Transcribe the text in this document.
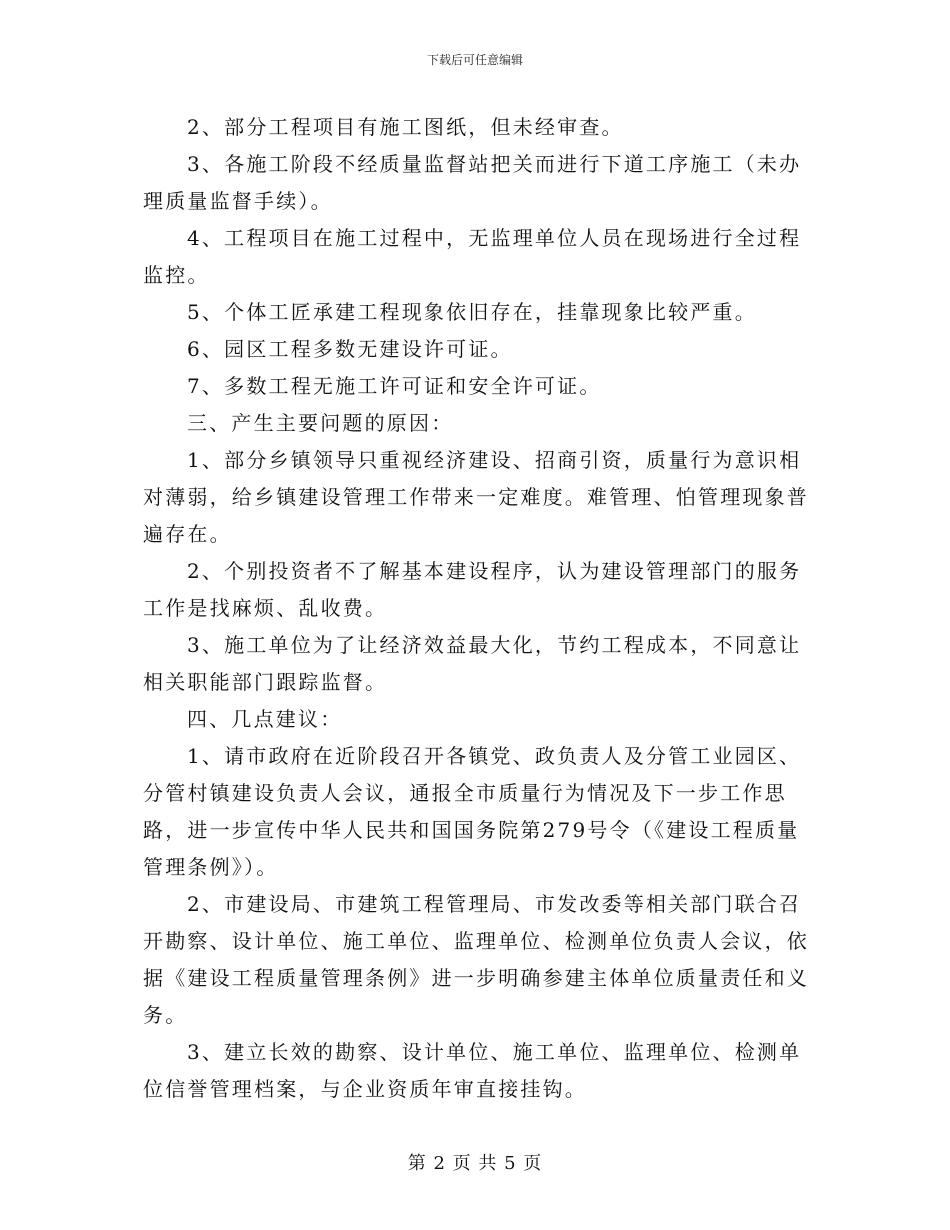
下载后可任意编辑

2、部分工程项目有施工图纸，但未经审查。

3、各施工阶段不经质量监督站把关而进行下道工序施工（未办理质量监督手续）。

4、工程项目在施工过程中，无监理单位人员在现场进行全过程监控。

5、个体工匠承建工程现象依旧存在，挂靠现象比较严重。

6、园区工程多数无建设许可证。

7、多数工程无施工许可证和安全许可证。

三、产生主要问题的原因：

1、部分乡镇领导只重视经济建设、招商引资，质量行为意识相对薄弱，给乡镇建设管理工作带来一定难度。难管理、怕管理现象普遍存在。

2、个别投资者不了解基本建设程序，认为建设管理部门的服务工作是找麻烦、乱收费。

3、施工单位为了让经济效益最大化，节约工程成本，不同意让相关职能部门跟踪监督。

四、几点建议：

1、请市政府在近阶段召开各镇党、政负责人及分管工业园区、分管村镇建设负责人会议，通报全市质量行为情况及下一步工作思路，进一步宣传中华人民共和国国务院第279号令（《建设工程质量管理条例》）。

2、市建设局、市建筑工程管理局、市发改委等相关部门联合召开勘察、设计单位、施工单位、监理单位、检测单位负责人会议，依据《建设工程质量管理条例》进一步明确参建主体单位质量责任和义务。

3、建立长效的勘察、设计单位、施工单位、监理单位、检测单位信誉管理档案，与企业资质年审直接挂钩。

第 2 页 共 5 页
